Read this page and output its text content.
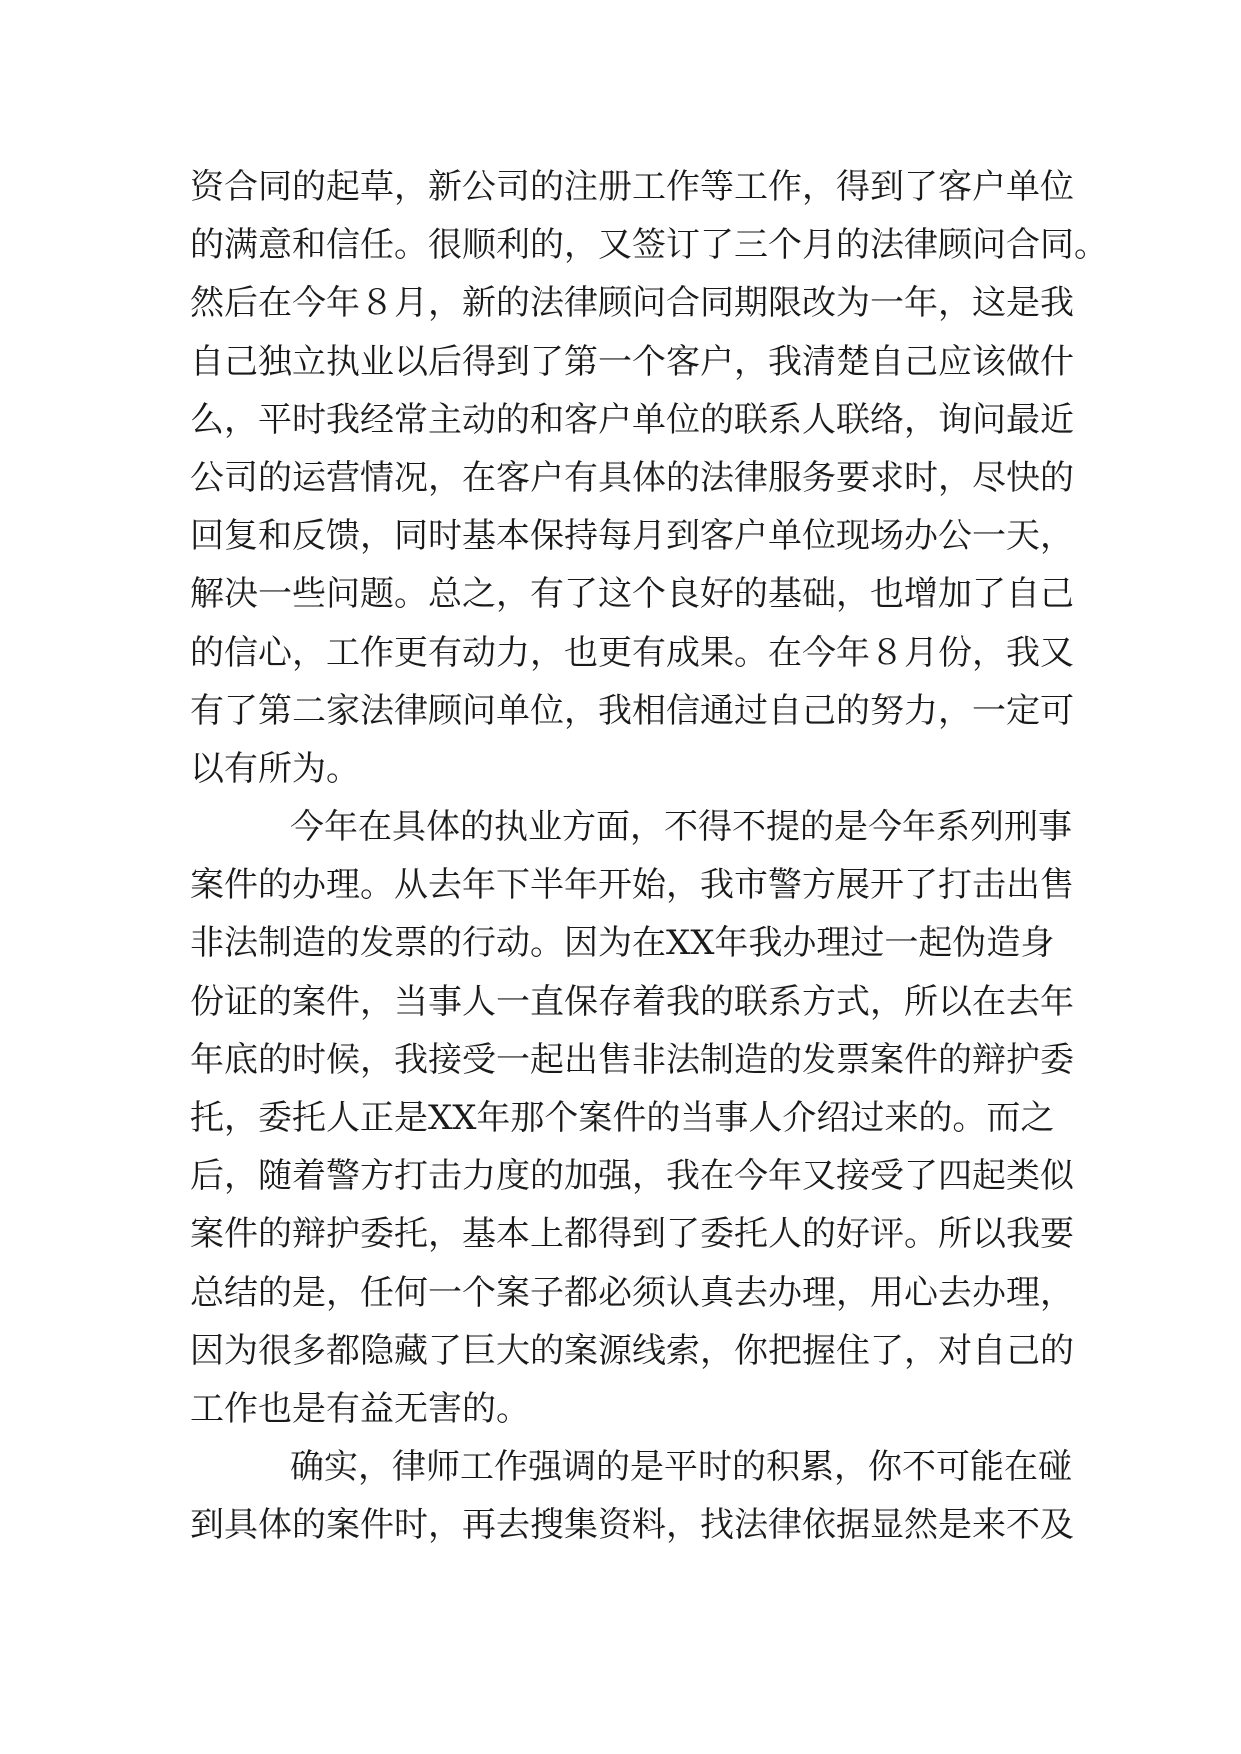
资合同的起草，新公司的注册工作等工作，得到了客户单位
的满意和信任。很顺利的，又签订了三个月的法律顾问合同。
然后在今年８月，新的法律顾问合同期限改为一年，这是我
自己独立执业以后得到了第一个客户，我清楚自己应该做什
么，平时我经常主动的和客户单位的联系人联络，询问最近
公司的运营情况，在客户有具体的法律服务要求时，尽快的
回复和反馈，同时基本保持每月到客户单位现场办公一天，
解决一些问题。总之，有了这个良好的基础，也增加了自己
的信心，工作更有动力，也更有成果。在今年８月份，我又
有了第二家法律顾问单位，我相信通过自己的努力，一定可
以有所为。
今年在具体的执业方面，不得不提的是今年系列刑事
案件的办理。从去年下半年开始，我市警方展开了打击出售
非法制造的发票的行动。因为在XX年我办理过一起伪造身
份证的案件，当事人一直保存着我的联系方式，所以在去年
年底的时候，我接受一起出售非法制造的发票案件的辩护委
托，委托人正是XX年那个案件的当事人介绍过来的。而之
后，随着警方打击力度的加强，我在今年又接受了四起类似
案件的辩护委托，基本上都得到了委托人的好评。所以我要
总结的是，任何一个案子都必须认真去办理，用心去办理，
因为很多都隐藏了巨大的案源线索，你把握住了，对自己的
工作也是有益无害的。
确实，律师工作强调的是平时的积累，你不可能在碰
到具体的案件时，再去搜集资料，找法律依据显然是来不及
